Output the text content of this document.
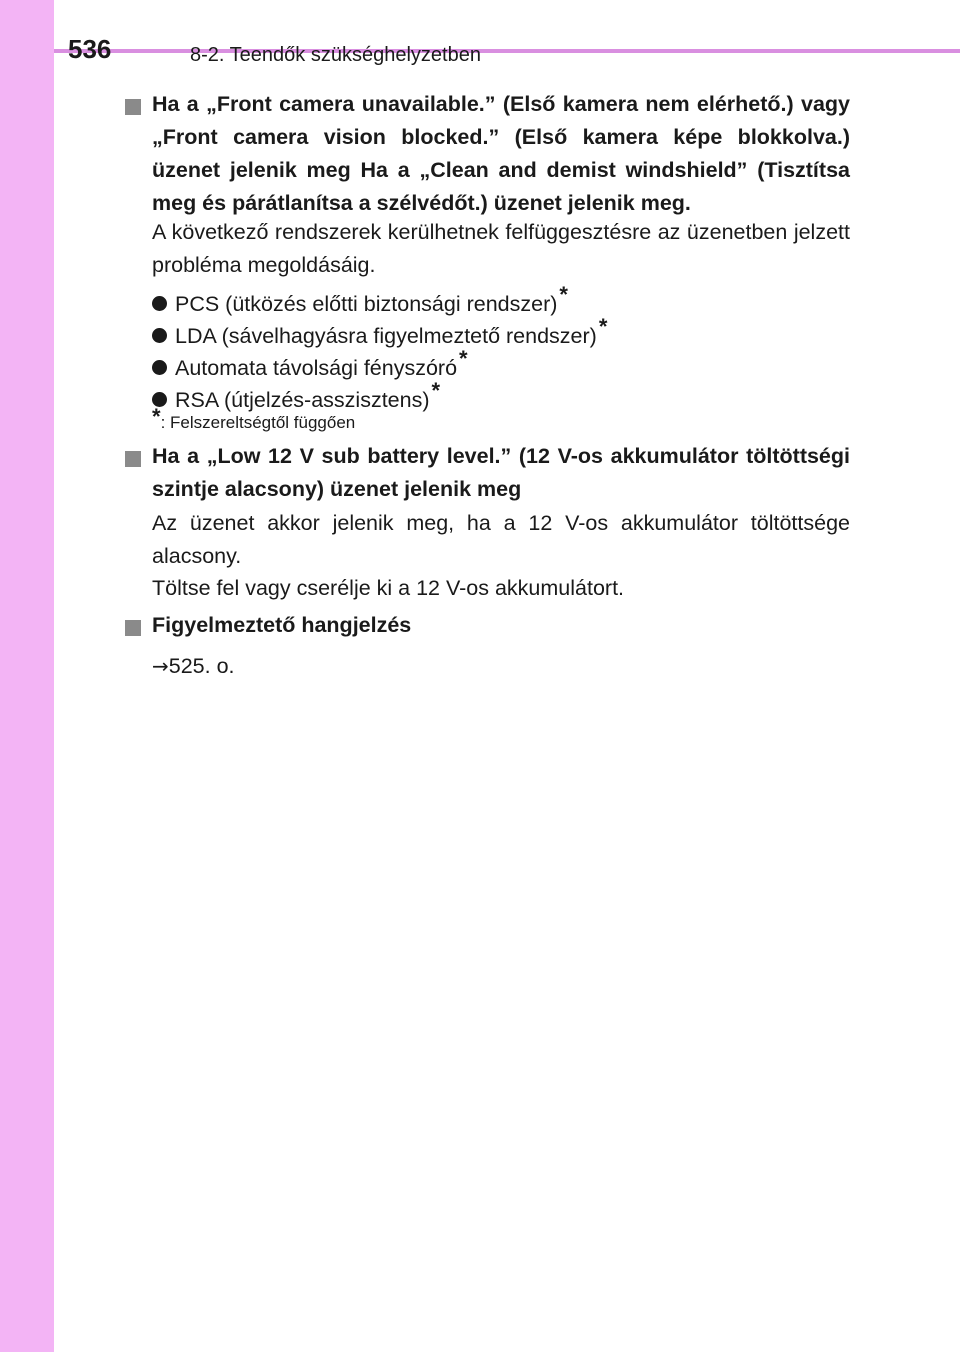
536	8-2. Teendők szükséghelyzetben
Ha a „Front camera unavailable.” (Első kamera nem elérhető.) vagy „Front camera vision blocked.” (Első kamera képe blokkolva.) üzenet jelenik meg Ha a „Clean and demist windshield” (Tisztítsa meg és párátlanítsa a szélvédőt.) üzenet jelenik meg.
A következő rendszerek kerülhetnek felfüggesztésre az üzenetben jelzett probléma megoldásáig.
PCS (ütközés előtti biztonsági rendszer)*
LDA (sávelhagyásra figyelmeztető rendszer)*
Automata távolsági fényszóró*
RSA (útjelzés-asszisztens)*
*: Felszereltségtől függően
Ha a „Low 12 V sub battery level.” (12 V-os akkumulátor töltöttségi szintje alacsony) üzenet jelenik meg
Az üzenet akkor jelenik meg, ha a 12 V-os akkumulátor töltöttsége alacsony.
Töltse fel vagy cserélje ki a 12 V-os akkumulátort.
Figyelmeztető hangjelzés
→525. o.
